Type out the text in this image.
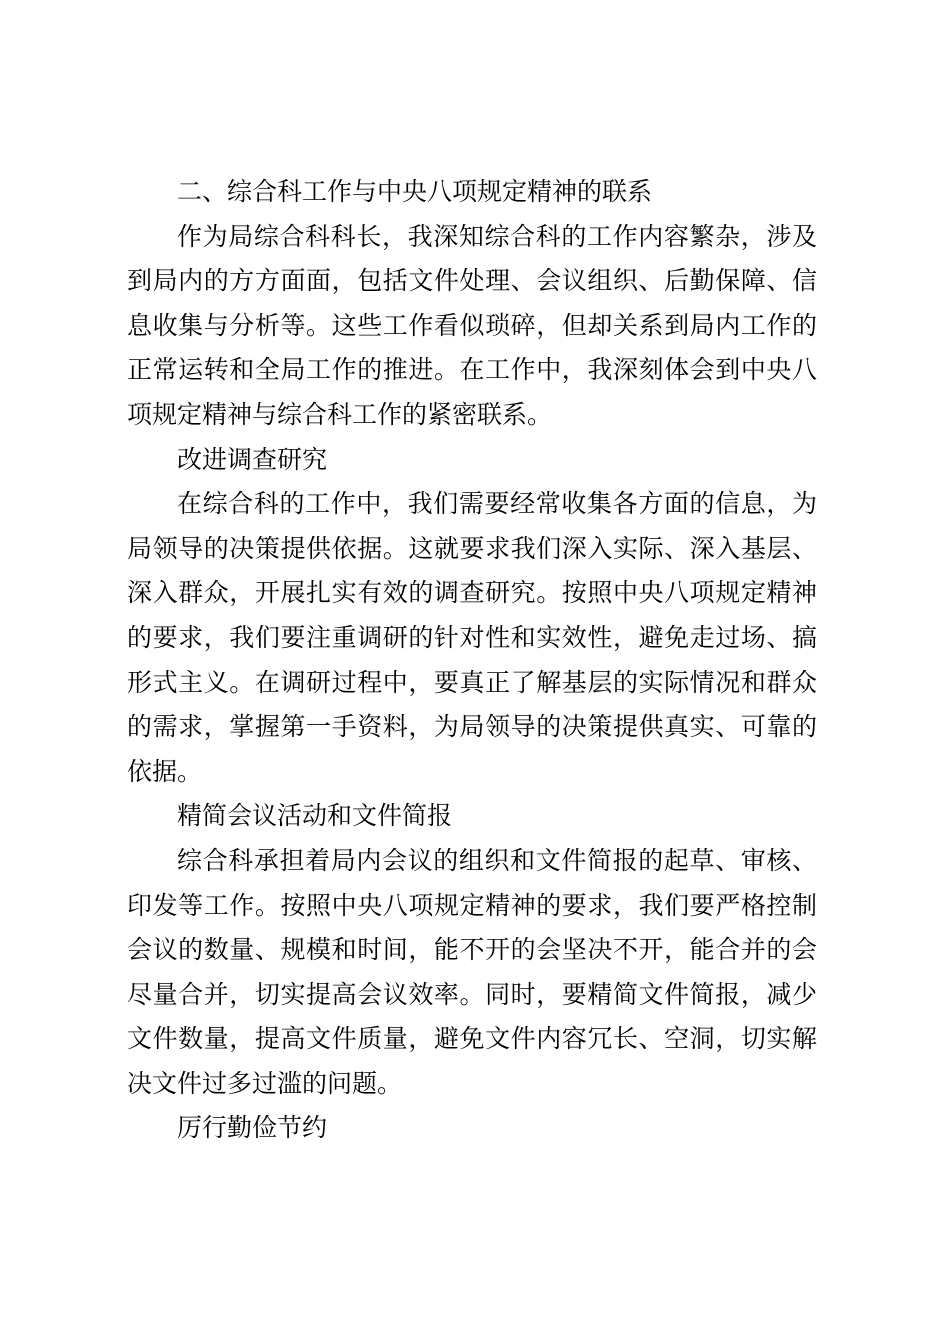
二、综合科工作与中央八项规定精神的联系
作为局综合科科长，我深知综合科的工作内容繁杂，涉及
到局内的方方面面，包括文件处理、会议组织、后勤保障、信
息收集与分析等。这些工作看似琐碎，但却关系到局内工作的
正常运转和全局工作的推进。在工作中，我深刻体会到中央八
项规定精神与综合科工作的紧密联系。
改进调查研究
在综合科的工作中，我们需要经常收集各方面的信息，为
局领导的决策提供依据。这就要求我们深入实际、深入基层、
深入群众，开展扎实有效的调查研究。按照中央八项规定精神
的要求，我们要注重调研的针对性和实效性，避免走过场、搞
形式主义。在调研过程中，要真正了解基层的实际情况和群众
的需求，掌握第一手资料，为局领导的决策提供真实、可靠的
依据。
精简会议活动和文件简报
综合科承担着局内会议的组织和文件简报的起草、审核、
印发等工作。按照中央八项规定精神的要求，我们要严格控制
会议的数量、规模和时间，能不开的会坚决不开，能合并的会
尽量合并，切实提高会议效率。同时，要精简文件简报，减少
文件数量，提高文件质量，避免文件内容冗长、空洞，切实解
决文件过多过滥的问题。
厉行勤俭节约
